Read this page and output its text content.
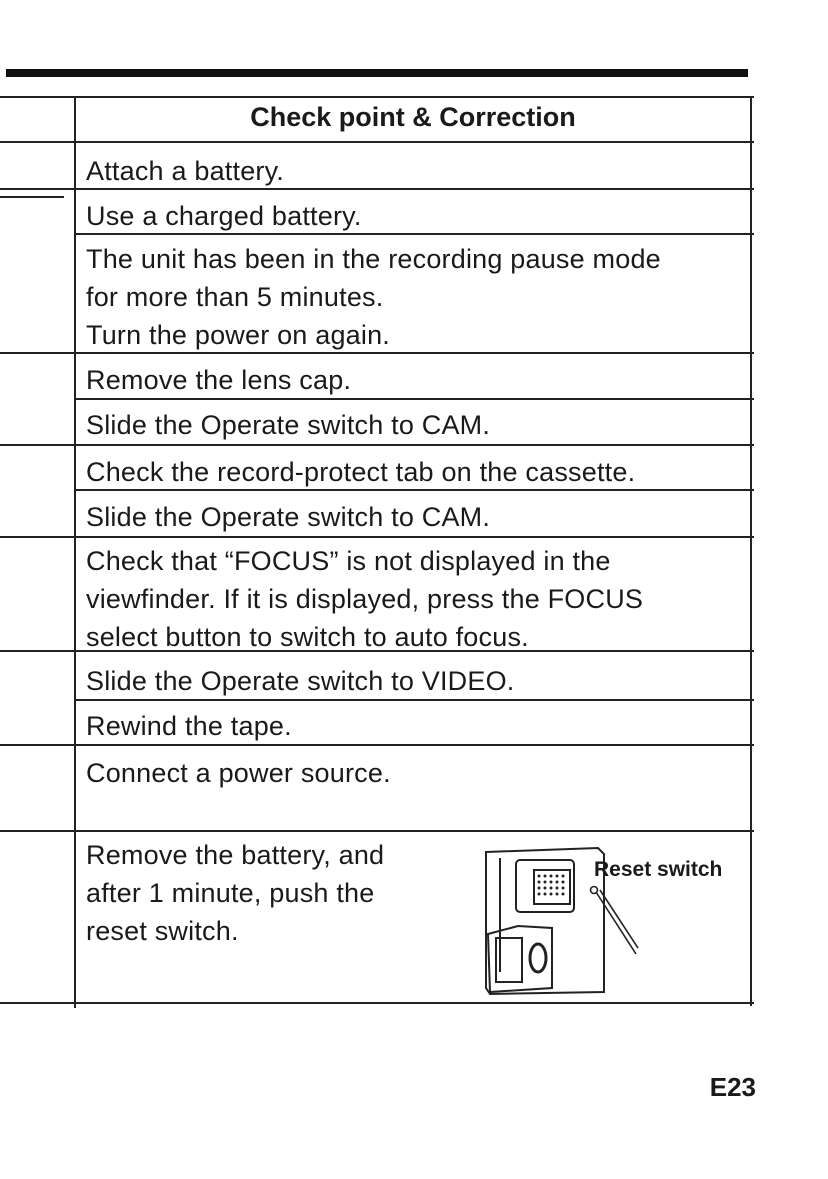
Check point & Correction
Attach a battery.
Use a charged battery.
The unit has been in the recording pause mode
for more than 5 minutes.
Turn the power on again.
Remove the lens cap.
Slide the Operate switch to CAM.
Check the record-protect tab on the cassette.
Slide the Operate switch to CAM.
Check that “FOCUS” is not displayed in the
viewfinder. If it is displayed, press the FOCUS
select button to switch to auto focus.
Slide the Operate switch to VIDEO.
Rewind the tape.
Connect a power source.
Remove the battery, and
after 1 minute, push the
reset switch.
Reset switch
E23
